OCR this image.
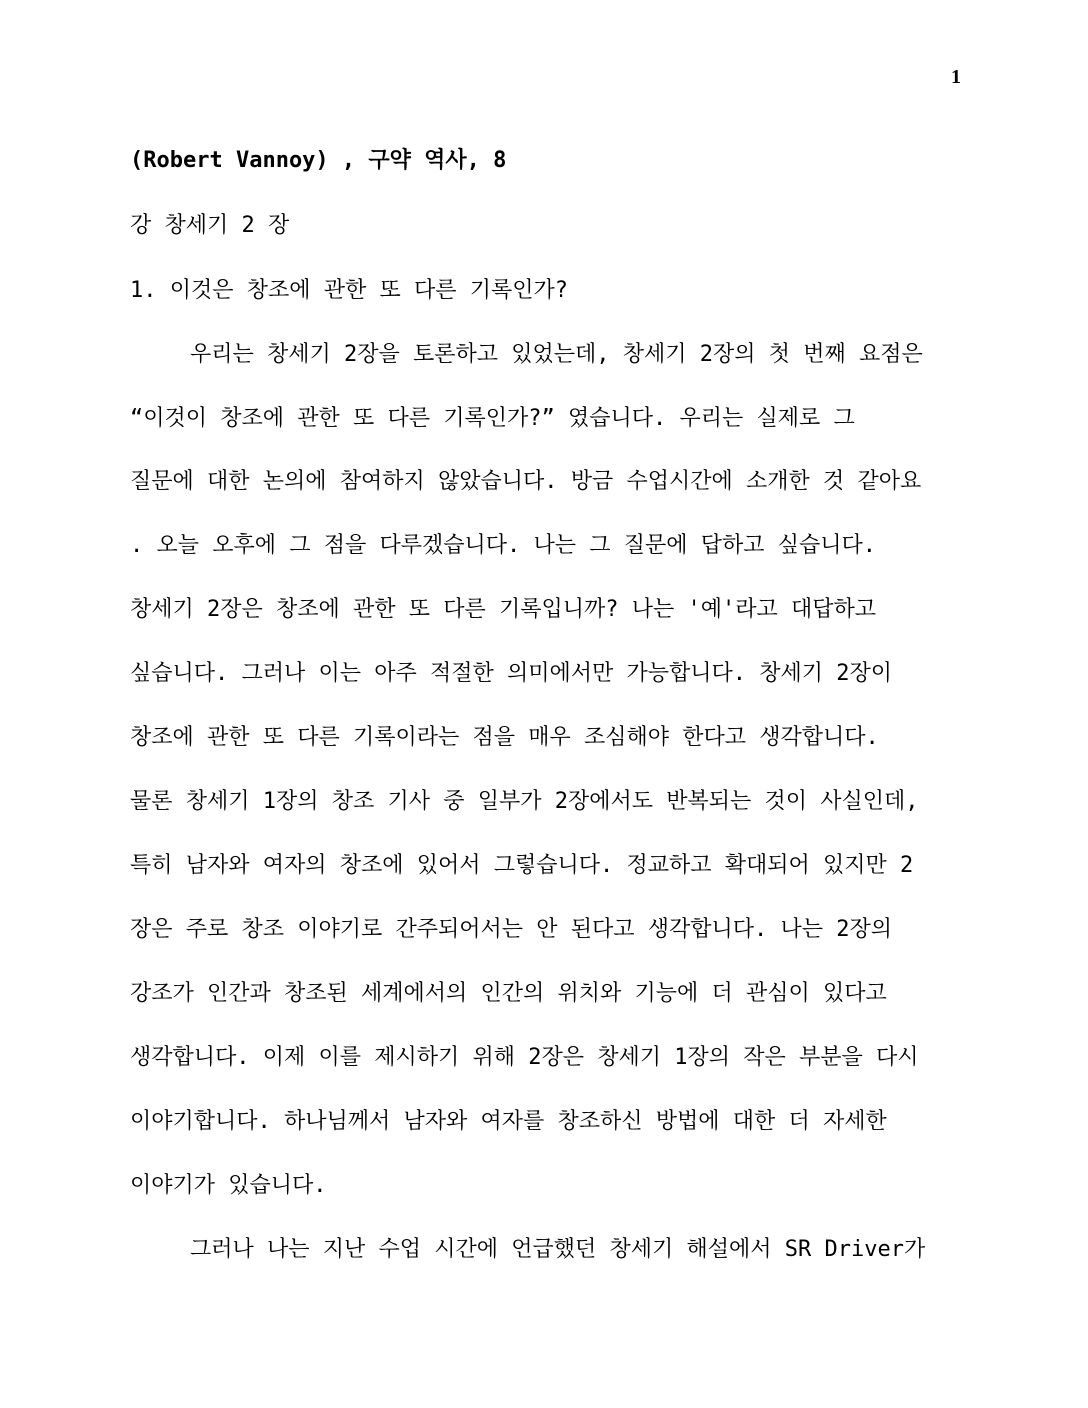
1
(Robert Vannoy) , 구약 역사, 8
강 창세기 2 장
1. 이것은 창조에 관한 또 다른 기록인가?
우리는 창세기 2장을 토론하고 있었는데, 창세기 2장의 첫 번째 요점은
“이것이 창조에 관한 또 다른 기록인가?” 였습니다. 우리는 실제로 그
질문에 대한 논의에 참여하지 않았습니다. 방금 수업시간에 소개한 것 같아요
. 오늘 오후에 그 점을 다루겠습니다. 나는 그 질문에 답하고 싶습니다.
창세기 2장은 창조에 관한 또 다른 기록입니까? 나는 '예'라고 대답하고
싶습니다. 그러나 이는 아주 적절한 의미에서만 가능합니다. 창세기 2장이
창조에 관한 또 다른 기록이라는 점을 매우 조심해야 한다고 생각합니다.
물론 창세기 1장의 창조 기사 중 일부가 2장에서도 반복되는 것이 사실인데,
특히 남자와 여자의 창조에 있어서 그렇습니다. 정교하고 확대되어 있지만 2
장은 주로 창조 이야기로 간주되어서는 안 된다고 생각합니다. 나는 2장의
강조가 인간과 창조된 세계에서의 인간의 위치와 기능에 더 관심이 있다고
생각합니다. 이제 이를 제시하기 위해 2장은 창세기 1장의 작은 부분을 다시
이야기합니다. 하나님께서 남자와 여자를 창조하신 방법에 대한 더 자세한
이야기가 있습니다.
그러나 나는 지난 수업 시간에 언급했던 창세기 해설에서 SR Driver가
